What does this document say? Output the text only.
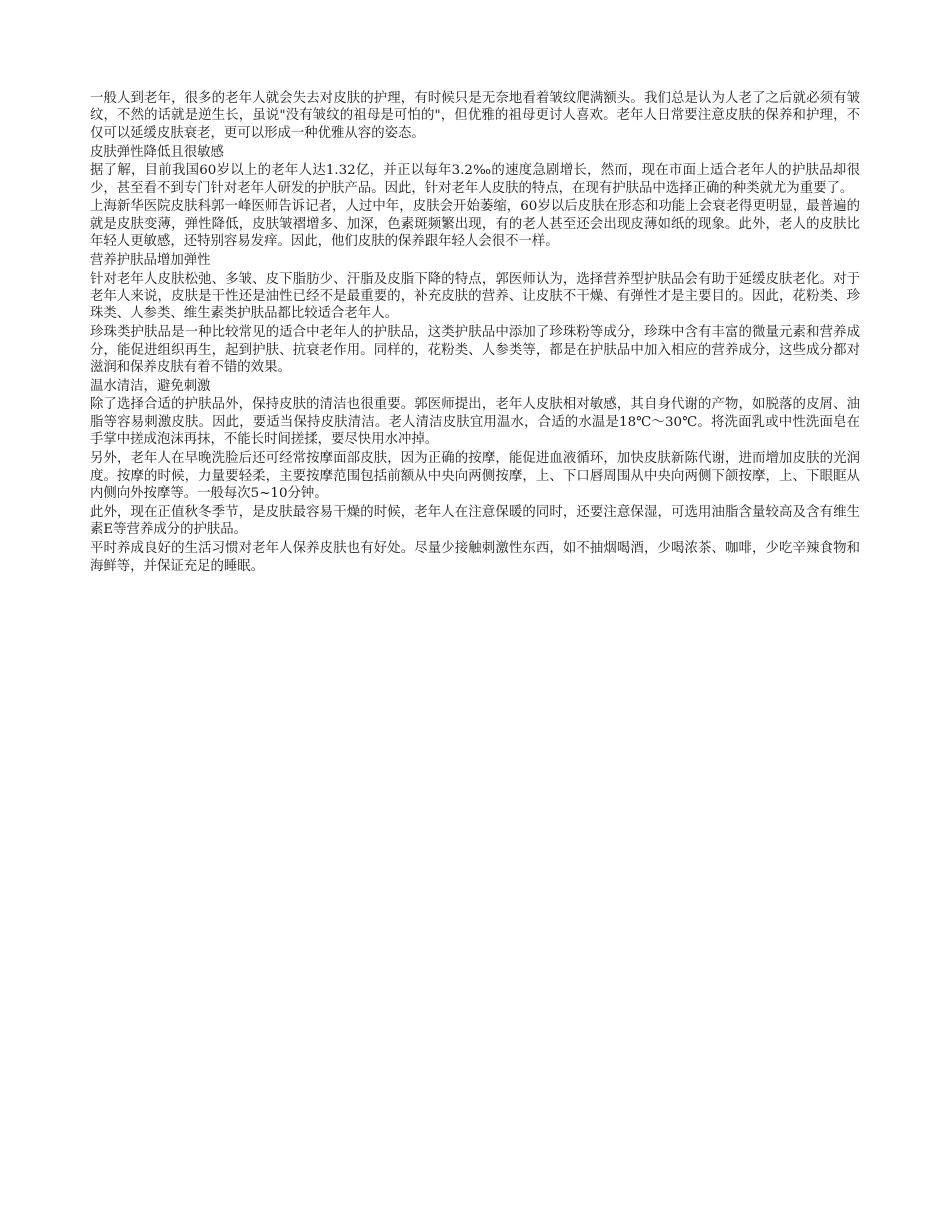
一般人到老年，很多的老年人就会失去对皮肤的护理，有时候只是无奈地看着皱纹爬满额头。我们总是认为人老了之后就必须有皱纹，不然的话就是逆生长，虽说"没有皱纹的祖母是可怕的"，但优雅的祖母更讨人喜欢。老年人日常要注意皮肤的保养和护理，不仅可以延缓皮肤衰老，更可以形成一种优雅从容的姿态。

皮肤弹性降低且很敏感

据了解，目前我国60岁以上的老年人达1.32亿，并正以每年3.2‰的速度急剧增长，然而，现在市面上适合老年人的护肤品却很少，甚至看不到专门针对老年人研发的护肤产品。因此，针对老年人皮肤的特点，在现有护肤品中选择正确的种类就尤为重要了。

上海新华医院皮肤科郭一峰医师告诉记者，人过中年，皮肤会开始萎缩，60岁以后皮肤在形态和功能上会衰老得更明显，最普遍的就是皮肤变薄，弹性降低，皮肤皱褶增多、加深，色素斑频繁出现，有的老人甚至还会出现皮薄如纸的现象。此外，老人的皮肤比年轻人更敏感，还特别容易发痒。因此，他们皮肤的保养跟年轻人会很不一样。

营养护肤品增加弹性

针对老年人皮肤松弛、多皱、皮下脂肪少、汗脂及皮脂下降的特点，郭医师认为，选择营养型护肤品会有助于延缓皮肤老化。对于老年人来说，皮肤是干性还是油性已经不是最重要的，补充皮肤的营养、让皮肤不干燥、有弹性才是主要目的。因此，花粉类、珍珠类、人参类、维生素类护肤品都比较适合老年人。

珍珠类护肤品是一种比较常见的适合中老年人的护肤品，这类护肤品中添加了珍珠粉等成分，珍珠中含有丰富的微量元素和营养成分，能促进组织再生，起到护肤、抗衰老作用。同样的，花粉类、人参类等，都是在护肤品中加入相应的营养成分，这些成分都对滋润和保养皮肤有着不错的效果。

温水清洁，避免刺激

除了选择合适的护肤品外，保持皮肤的清洁也很重要。郭医师提出，老年人皮肤相对敏感，其自身代谢的产物，如脱落的皮屑、油脂等容易刺激皮肤。因此，要适当保持皮肤清洁。老人清洁皮肤宜用温水，合适的水温是18℃～30℃。将洗面乳或中性洗面皂在手掌中搓成泡沫再抹，不能长时间搓揉，要尽快用水冲掉。

另外，老年人在早晚洗脸后还可经常按摩面部皮肤，因为正确的按摩，能促进血液循环，加快皮肤新陈代谢，进而增加皮肤的光润度。按摩的时候，力量要轻柔，主要按摩范围包括前额从中央向两侧按摩，上、下口唇周围从中央向两侧下颌按摩，上、下眼眶从内侧向外按摩等。一般每次5~10分钟。

此外，现在正值秋冬季节，是皮肤最容易干燥的时候，老年人在注意保暖的同时，还要注意保湿，可选用油脂含量较高及含有维生素E等营养成分的护肤品。

平时养成良好的生活习惯对老年人保养皮肤也有好处。尽量少接触刺激性东西，如不抽烟喝酒，少喝浓茶、咖啡，少吃辛辣食物和海鲜等，并保证充足的睡眠。
